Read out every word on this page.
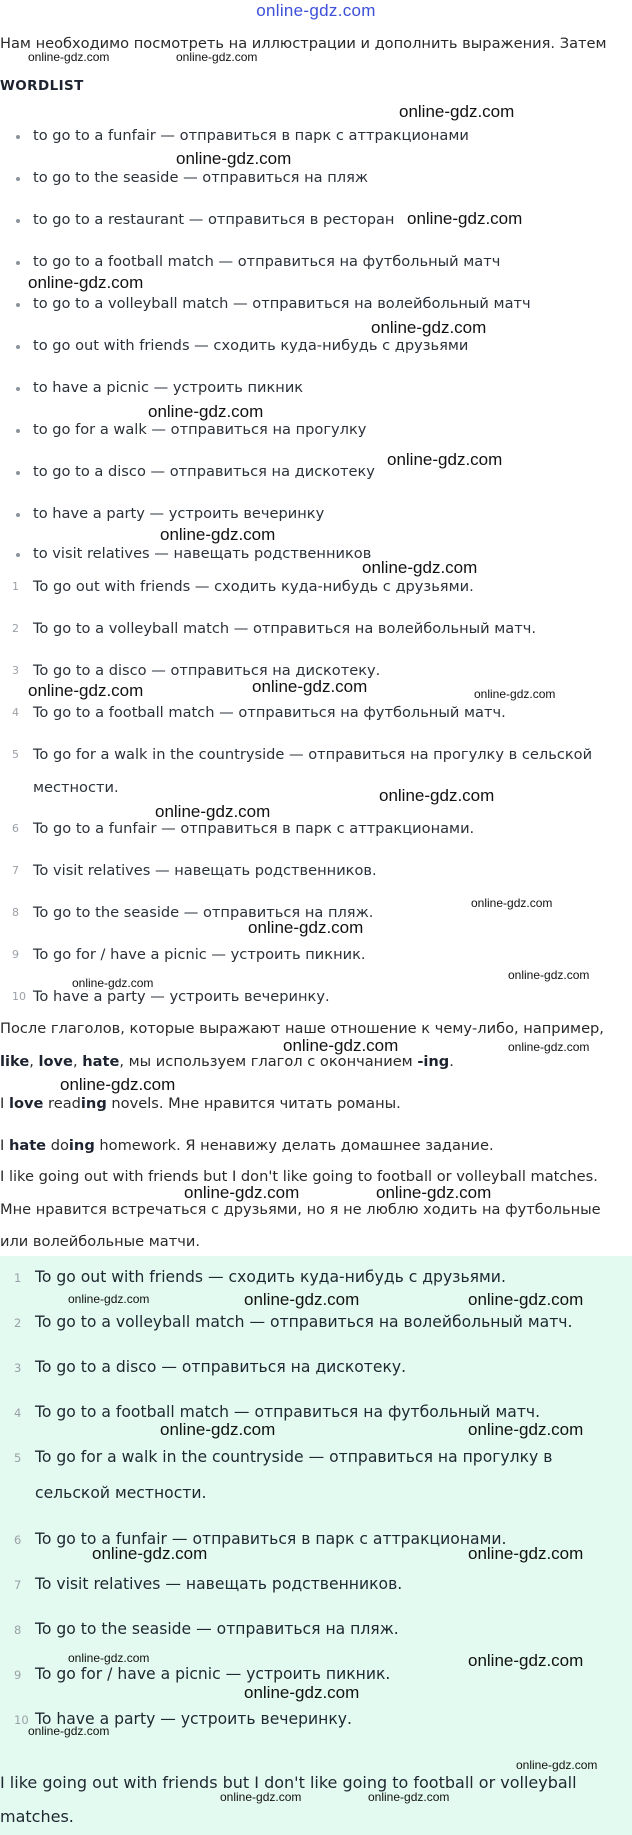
online-gdz.com
Нам необходимо посмотреть на иллюстрации и дополнить выражения. Затем
WORDLIST
to go to a funfair — отправиться в парк с аттракционами
to go to the seaside — отправиться на пляж
to go to a restaurant — отправиться в ресторан
to go to a football match — отправиться на футбольный матч
to go to a volleyball match — отправиться на волейбольный матч
to go out with friends — сходить куда-нибудь с друзьями
to have a picnic — устроить пикник
to go for a walk — отправиться на прогулку
to go to a disco — отправиться на дискотеку
to have a party — устроить вечеринку
to visit relatives — навещать родственников
1 To go out with friends — сходить куда-нибудь с друзьями.
2 To go to a volleyball match — отправиться на волейбольный матч.
3 To go to a disco — отправиться на дискотеку.
4 To go to a football match — отправиться на футбольный матч.
5 To go for a walk in the countryside — отправиться на прогулку в сельской
местности.
6 To go to a funfair — отправиться в парк с аттракционами.
7 To visit relatives — навещать родственников.
8 To go to the seaside — отправиться на пляж.
9 To go for / have a picnic — устроить пикник.
10 To have a party — устроить вечеринку.
После глаголов, которые выражают наше отношение к чему-либо, например,
like, love, hate, мы используем глагол с окончанием -ing.
I love reading novels. Мне нравится читать романы.
I hate doing homework. Я ненавижу делать домашнее задание.
I like going out with friends but I don't like going to football or volleyball matches.
Мне нравится встречаться с друзьями, но я не люблю ходить на футбольные
или волейбольные матчи.
1 To go out with friends — сходить куда-нибудь с друзьями.
2 To go to a volleyball match — отправиться на волейбольный матч.
3 To go to a disco — отправиться на дискотеку.
4 To go to a football match — отправиться на футбольный матч.
5 To go for a walk in the countryside — отправиться на прогулку в
сельской местности.
6 To go to a funfair — отправиться в парк с аттракционами.
7 To visit relatives — навещать родственников.
8 To go to the seaside — отправиться на пляж.
9 To go for / have a picnic — устроить пикник.
10 To have a party — устроить вечеринку.
I like going out with friends but I don't like going to football or volleyball
matches.
online-gdz.com	online-gdz.com
online-gdz.com
online-gdz.com
online-gdz.com
online-gdz.com
online-gdz.com
online-gdz.com
online-gdz.com
online-gdz.com
online-gdz.com
online-gdz.com	online-gdz.com	online-gdz.com
online-gdz.com
online-gdz.com
online-gdz.com
online-gdz.com
online-gdz.com
online-gdz.com
online-gdz.com	online-gdz.com
online-gdz.com
online-gdz.com	online-gdz.com
online-gdz.com	online-gdz.com	online-gdz.com
online-gdz.com	online-gdz.com
online-gdz.com	online-gdz.com
online-gdz.com	online-gdz.com
online-gdz.com
online-gdz.com
online-gdz.com
online-gdz.com	online-gdz.com
